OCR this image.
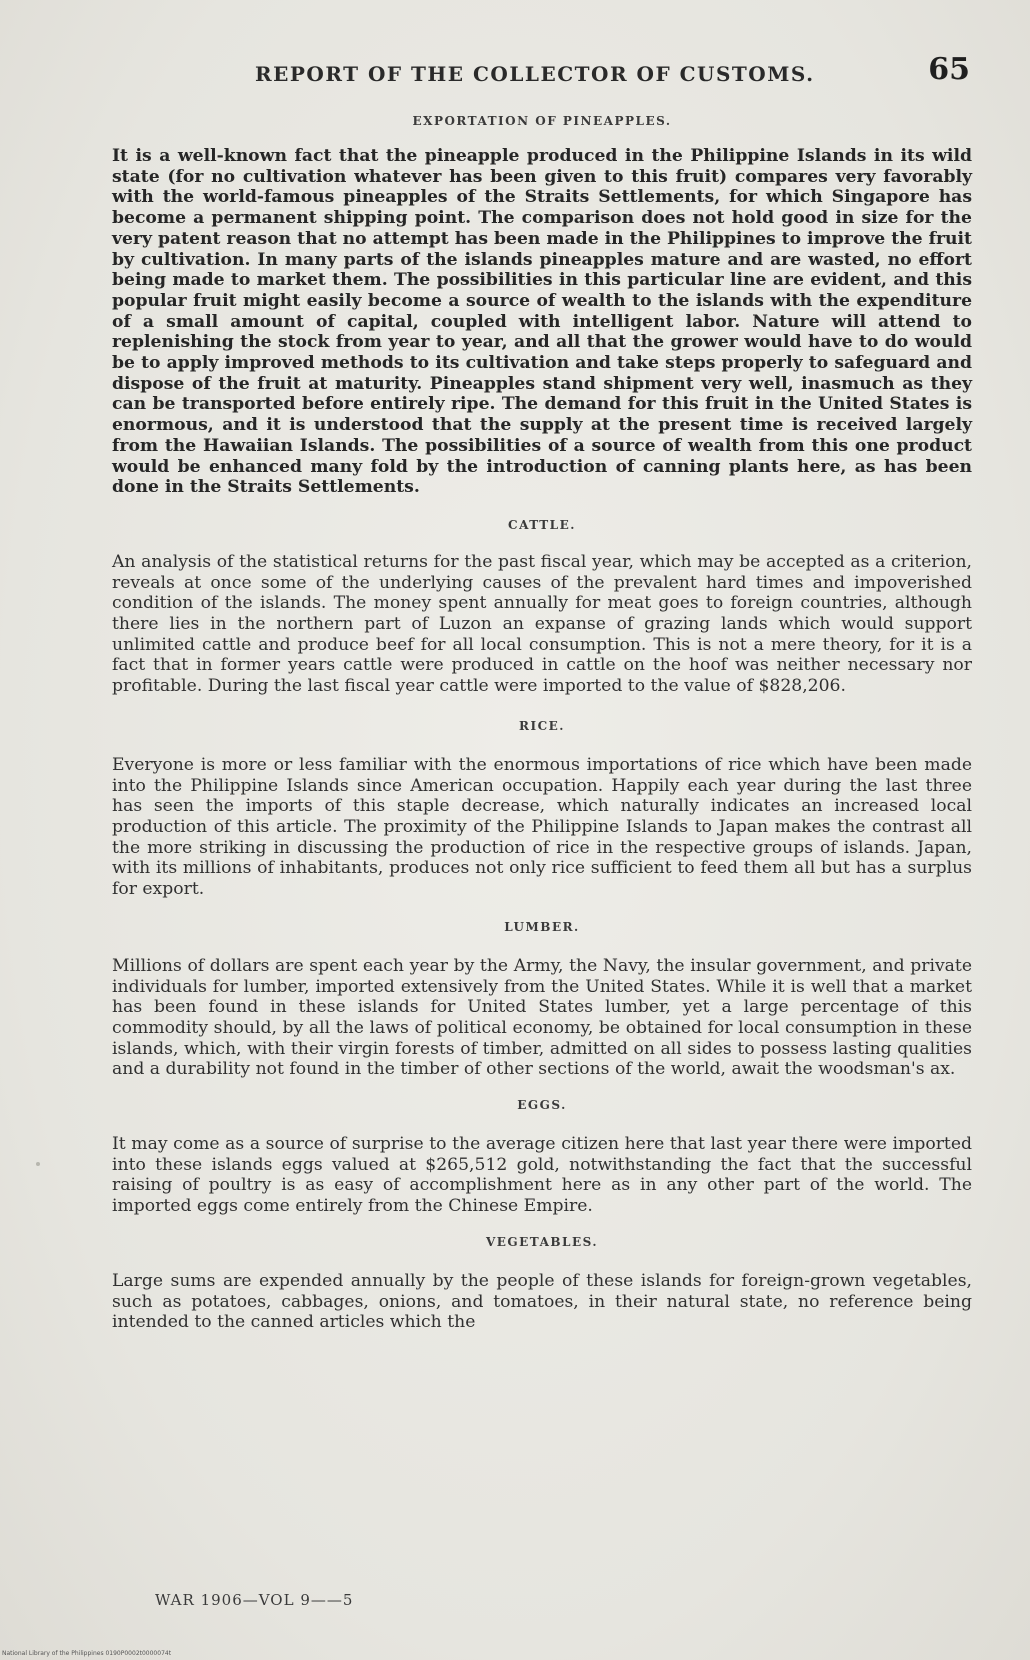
REPORT OF THE COLLECTOR OF CUSTOMS.	65
EXPORTATION OF PINEAPPLES.

It is a well-known fact that the pineapple produced in the Philippine Islands in its wild state (for no cultivation whatever has been given to this fruit) compares very favorably with the world-famous pineapples of the Straits Settlements, for which Singapore has become a permanent shipping point. The comparison does not hold good in size for the very patent reason that no attempt has been made in the Philippines to improve the fruit by cultivation. In many parts of the islands pineapples mature and are wasted, no effort being made to market them. The possibilities in this particular line are evident, and this popular fruit might easily become a source of wealth to the islands with the expenditure of a small amount of capital, coupled with intelligent labor. Nature will attend to replenishing the stock from year to year, and all that the grower would have to do would be to apply improved methods to its cultivation and take steps properly to safeguard and dispose of the fruit at maturity. Pineapples stand shipment very well, inasmuch as they can be transported before entirely ripe. The demand for this fruit in the United States is enormous, and it is understood that the supply at the present time is received largely from the Hawaiian Islands. The possibilities of a source of wealth from this one product would be enhanced many fold by the introduction of canning plants here, as has been done in the Straits Settlements.

CATTLE.

An analysis of the statistical returns for the past fiscal year, which may be accepted as a criterion, reveals at once some of the underlying causes of the prevalent hard times and impoverished condition of the islands. The money spent annually for meat goes to foreign countries, although there lies in the northern part of Luzon an expanse of grazing lands which would support unlimited cattle and produce beef for all local consumption. This is not a mere theory, for it is a fact that in former years cattle were produced in cattle on the hoof was neither necessary nor profitable. During the last fiscal year cattle were imported to the value of $828,206.

RICE.

Everyone is more or less familiar with the enormous importations of rice which have been made into the Philippine Islands since American occupation. Happily each year during the last three has seen the imports of this staple decrease, which naturally indicates an increased local production of this article. The proximity of the Philippine Islands to Japan makes the contrast all the more striking in discussing the production of rice in the respective groups of islands. Japan, with its millions of inhabitants, produces not only rice sufficient to feed them all but has a surplus for export.

LUMBER.

Millions of dollars are spent each year by the Army, the Navy, the insular government, and private individuals for lumber, imported extensively from the United States. While it is well that a market has been found in these islands for United States lumber, yet a large percentage of this commodity should, by all the laws of political economy, be obtained for local consumption in these islands, which, with their virgin forests of timber, admitted on all sides to possess lasting qualities and a durability not found in the timber of other sections of the world, await the woodsman's ax.

EGGS.

It may come as a source of surprise to the average citizen here that last year there were imported into these islands eggs valued at $265,512 gold, notwithstanding the fact that the successful raising of poultry is as easy of accomplishment here as in any other part of the world. The imported eggs come entirely from the Chinese Empire.

VEGETABLES.

Large sums are expended annually by the people of these islands for foreign-grown vegetables, such as potatoes, cabbages, onions, and tomatoes, in their natural state, no reference being intended to the canned articles which the

WAR 1906—VOL 9——5
National Library of the Philippines 0190P0002t0000074t
